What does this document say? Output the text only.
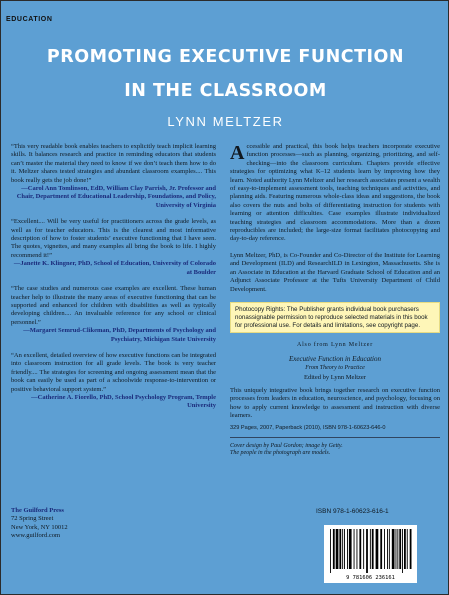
EDUCATION
PROMOTING EXECUTIVE FUNCTION
IN THE CLASSROOM
LYNN MELTZER
“This very readable book enables teachers to explicitly teach implicit learning skills. It balances research and practice in reminding educators that students can’t master the material they need to know if we don’t teach them how to do it. Meltzer shares tested strategies and abundant classroom examples.... This book really gets the job done!”
—Carol Ann Tomlinson, EdD, William Clay Parrish, Jr. Professor and Chair, Department of Educational Leadership, Foundations, and Policy, University of Virginia
“Excellent.... Will be very useful for practitioners across the grade levels, as well as for teacher educators. This is the clearest and most informative description of how to foster students’ executive functioning that I have seen. The quotes, vignettes, and many examples all bring the book to life. I highly recommend it!”
—Janette K. Klingner, PhD, School of Education, University of Colorado at Boulder
“The case studies and numerous case examples are excellent. These human teacher help to illustrate the many areas of executive functioning that can be supported and enhanced for children with disabilities as well as typically developing children.... An invaluable reference for any school or clinical personnel.”
—Margaret Semrud-Clikeman, PhD, Departments of Psychology and Psychiatry, Michigan State University
“An excellent, detailed overview of how executive functions can be integrated into classroom instruction for all grade levels. The book is very teacher friendly.... The strategies for screening and ongoing assessment mean that the book can easily be used as part of a schoolwide response-to-intervention or positive behavioral support system.”
—Catherine A. Fiorello, PhD, School Psychology Program, Temple University
Accessible and practical, this book helps teachers incorporate executive function processes—such as planning, organizing, prioritizing, and self-checking—into the classroom curriculum. Chapters provide effective strategies for optimizing what K–12 students learn by improving how they learn. Noted authority Lynn Meltzer and her research associates present a wealth of easy-to-implement assessment tools, teaching techniques and activities, and planning aids. Featuring numerous whole-class ideas and suggestions, the book also covers the nuts and bolts of differentiating instruction for students with learning or attention difficulties. Case examples illustrate individualized teaching strategies and classroom accommodations. More than a dozen reproducibles are included; the large-size format facilitates photocopying and day-to-day reference.
Lynn Meltzer, PhD, is Co-Founder and Co-Director of the Institute for Learning and Development (ILD) and ResearchILD in Lexington, Massachusetts. She is an Associate in Education at the Harvard Graduate School of Education and an Adjunct Associate Professor at the Tufts University Department of Child Development.
Photocopy Rights: The Publisher grants individual book purchasers nonassignable permission to reproduce selected materials in this book for professional use. For details and limitations, see copyright page.
Also from Lynn Meltzer
Executive Function in Education
From Theory to Practice
Edited by Lynn Meltzer
This uniquely integrative book brings together research on executive function processes from leaders in education, neuroscience, and psychology, focusing on how to apply current knowledge to assessment and instruction with diverse learners.
329 Pages, 2007, Paperback (2010), ISBN 978-1-60623-646-0
Cover design by Paul Gordon; image by Getty.
The people in the photograph are models.
The Guilford Press
72 Spring Street
New York, NY 10012
www.guilford.com
ISBN 978-1-60623-616-1
9 781606 236161
